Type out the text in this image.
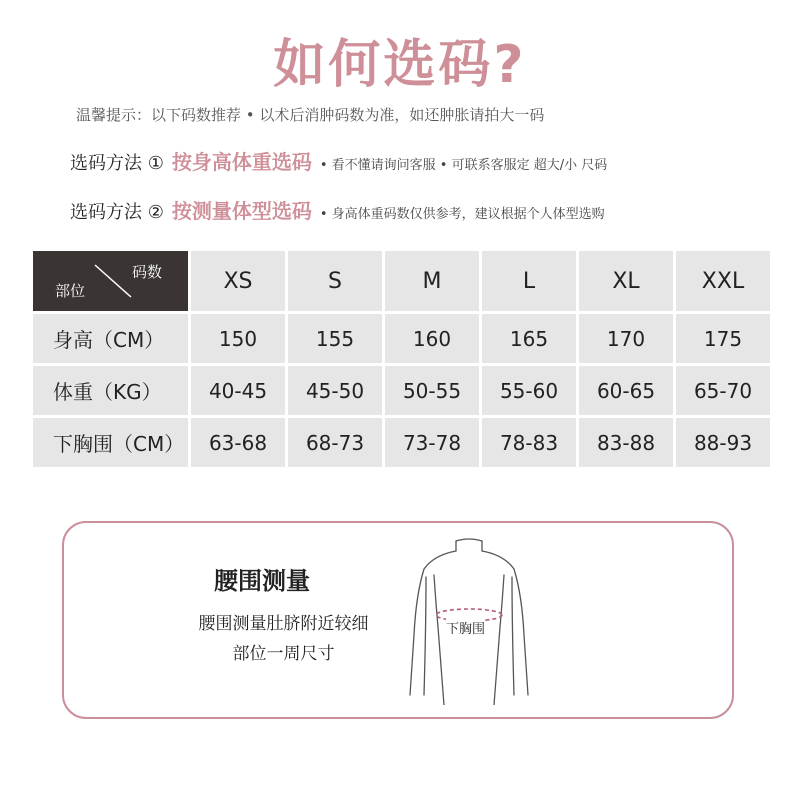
如何选码?
温馨提示：以下码数推荐 • 以术后消肿码数为准，如还肿胀请拍大一码
选码方法 ① 按身高体重选码 • 看不懂请询问客服 • 可联系客服定 超大/小 尺码
选码方法 ② 按测量体型选码 • 身高体重码数仅供参考，建议根据个人体型选购
码数
部位	XS	S	M	L	XL	XXL
身高（CM）	150	155	160	165	170	175
体重（KG）	40-45	45-50	50-55	55-60	60-65	65-70
下胸围（CM）	63-68	68-73	73-78	78-83	83-88	88-93
腰围测量
腰围测量肚脐附近较细
部位一周尺寸
下胸围
